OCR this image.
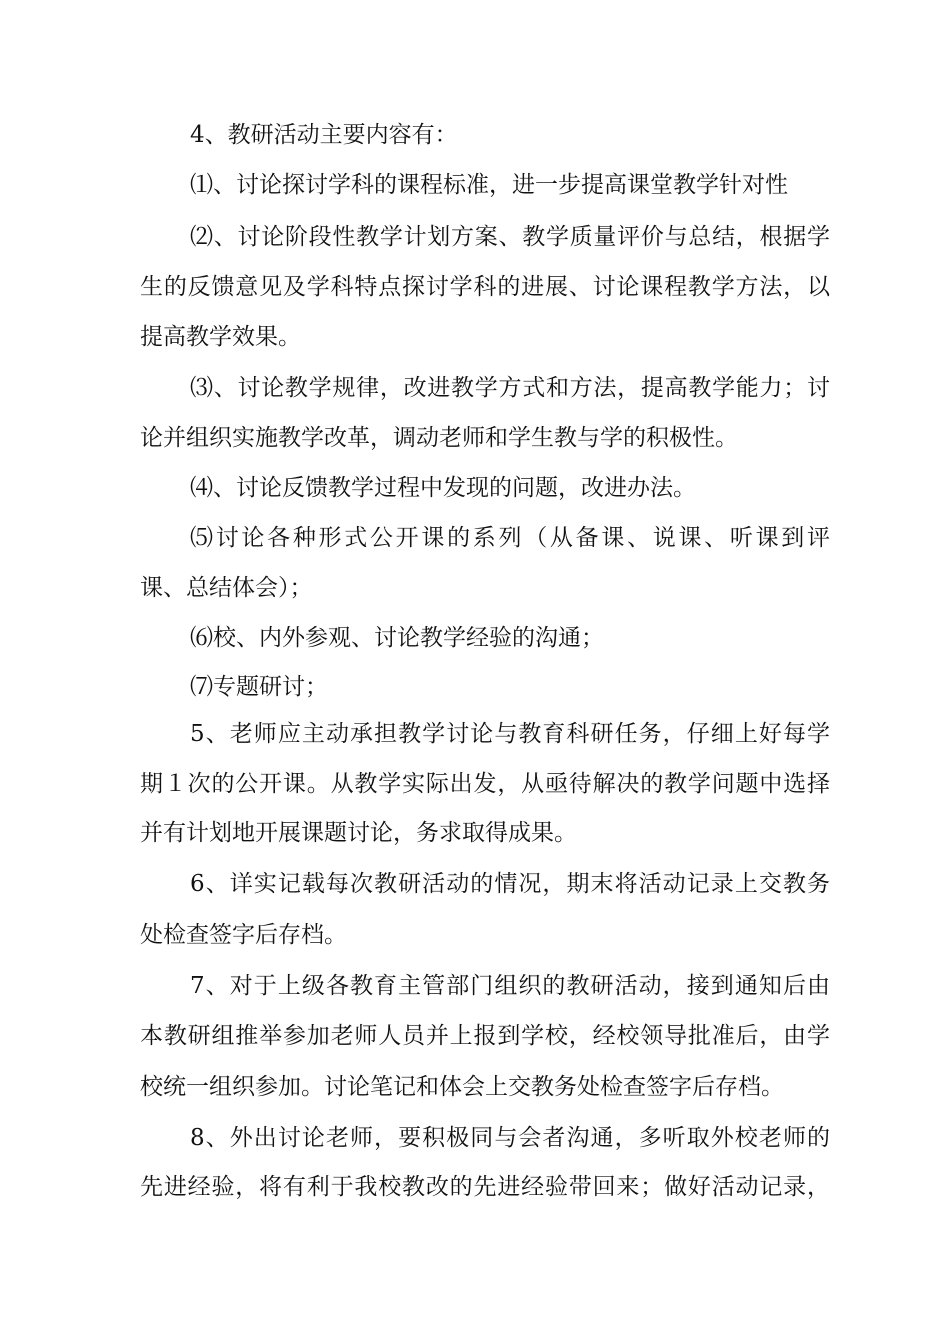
4、教研活动主要内容有：
⑴、讨论探讨学科的课程标准，进一步提高课堂教学针对性
⑵、讨论阶段性教学计划方案、教学质量评价与总结，根据学
生的反馈意见及学科特点探讨学科的进展、讨论课程教学方法，以
提高教学效果。
⑶、讨论教学规律，改进教学方式和方法，提高教学能力；讨
论并组织实施教学改革，调动老师和学生教与学的积极性。
⑷、讨论反馈教学过程中发现的问题，改进办法。
⑸讨论各种形式公开课的系列（从备课、说课、听课到评
课、总结体会）；
⑹校、内外参观、讨论教学经验的沟通；
⑺专题研讨；
5、老师应主动承担教学讨论与教育科研任务，仔细上好每学
期１次的公开课。从教学实际出发，从亟待解决的教学问题中选择
并有计划地开展课题讨论，务求取得成果。
6、详实记载每次教研活动的情况，期末将活动记录上交教务
处检查签字后存档。
7、对于上级各教育主管部门组织的教研活动，接到通知后由
本教研组推举参加老师人员并上报到学校，经校领导批准后，由学
校统一组织参加。讨论笔记和体会上交教务处检查签字后存档。
8、外出讨论老师，要积极同与会者沟通，多听取外校老师的
先进经验，将有利于我校教改的先进经验带回来；做好活动记录，
